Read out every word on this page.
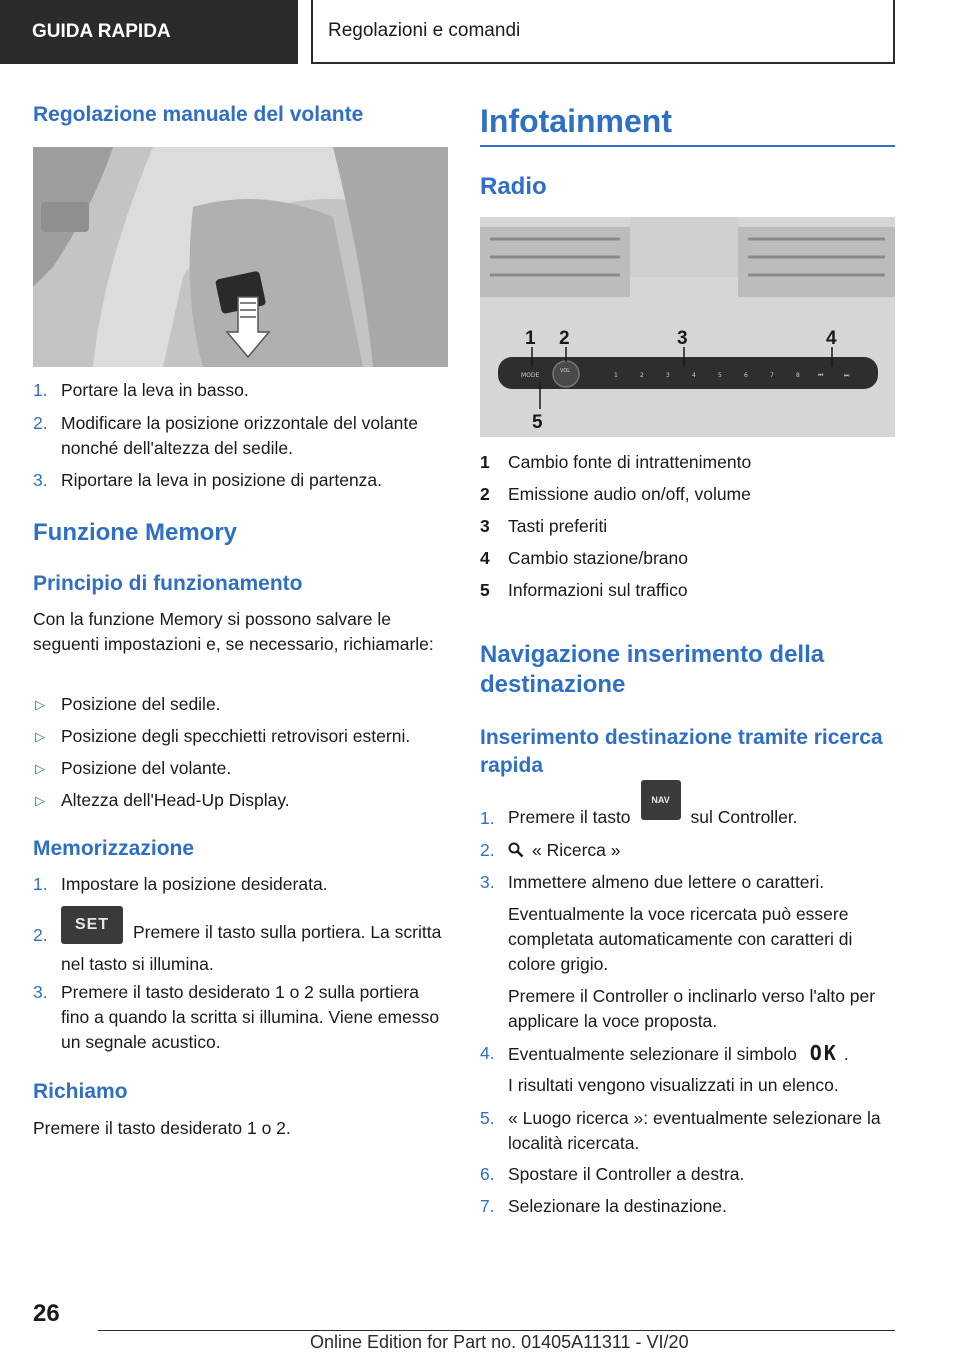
GUIDA RAPIDA	Regolazioni e comandi
Regolazione manuale del volante
1. Portare la leva in basso.
2. Modificare la posizione orizzontale del volante nonché dell'altezza del sedile.
3. Riportare la leva in posizione di partenza.
Funzione Memory
Principio di funzionamento

Con la funzione Memory si possono salvare le seguenti impostazioni e, se necessario, richiamarle:

▷ Posizione del sedile.
▷ Posizione degli specchietti retrovisori esterni.
▷ Posizione del volante.
▷ Altezza dell'Head-Up Display.
Memorizzazione
1. Impostare la posizione desiderata.
2.
SET Premere il tasto sulla portiera. La scritta nel tasto si illumina.
3. Premere il tasto desiderato 1 o 2 sulla portiera fino a quando la scritta si illumina. Viene emesso un segnale acustico.
Richiamo

Premere il tasto desiderato 1 o 2.

Infotainment
Radio
MODE
VOL
1	2	3	4	5	6	7	8	⏮	⏭
1 2	3	4
5
1 Cambio fonte di intrattenimento
2 Emissione audio on/off, volume
3 Tasti preferiti
4 Cambio stazione/brano
5 Informazioni sul traffico
Navigazione inserimento della destinazione
Inserimento destinazione tramite ricerca rapida
1. Premere il tastoNAVsul Controller.
2.	« Ricerca »
3. Immettere almeno due lettere o caratteri.

Eventualmente la voce ricercata può essere completata automaticamente con caratteri di colore grigio.

Premere il Controller o inclinarlo verso l'alto per applicare la voce proposta.

4. Eventualmente selezionare il simbolo OK .

I risultati vengono visualizzati in un elenco.

5. « Luogo ricerca »: eventualmente selezionare la località ricercata.
6. Spostare il Controller a destra.
7. Selezionare la destinazione.
26
Online Edition for Part no. 01405A11311 - VI/20
